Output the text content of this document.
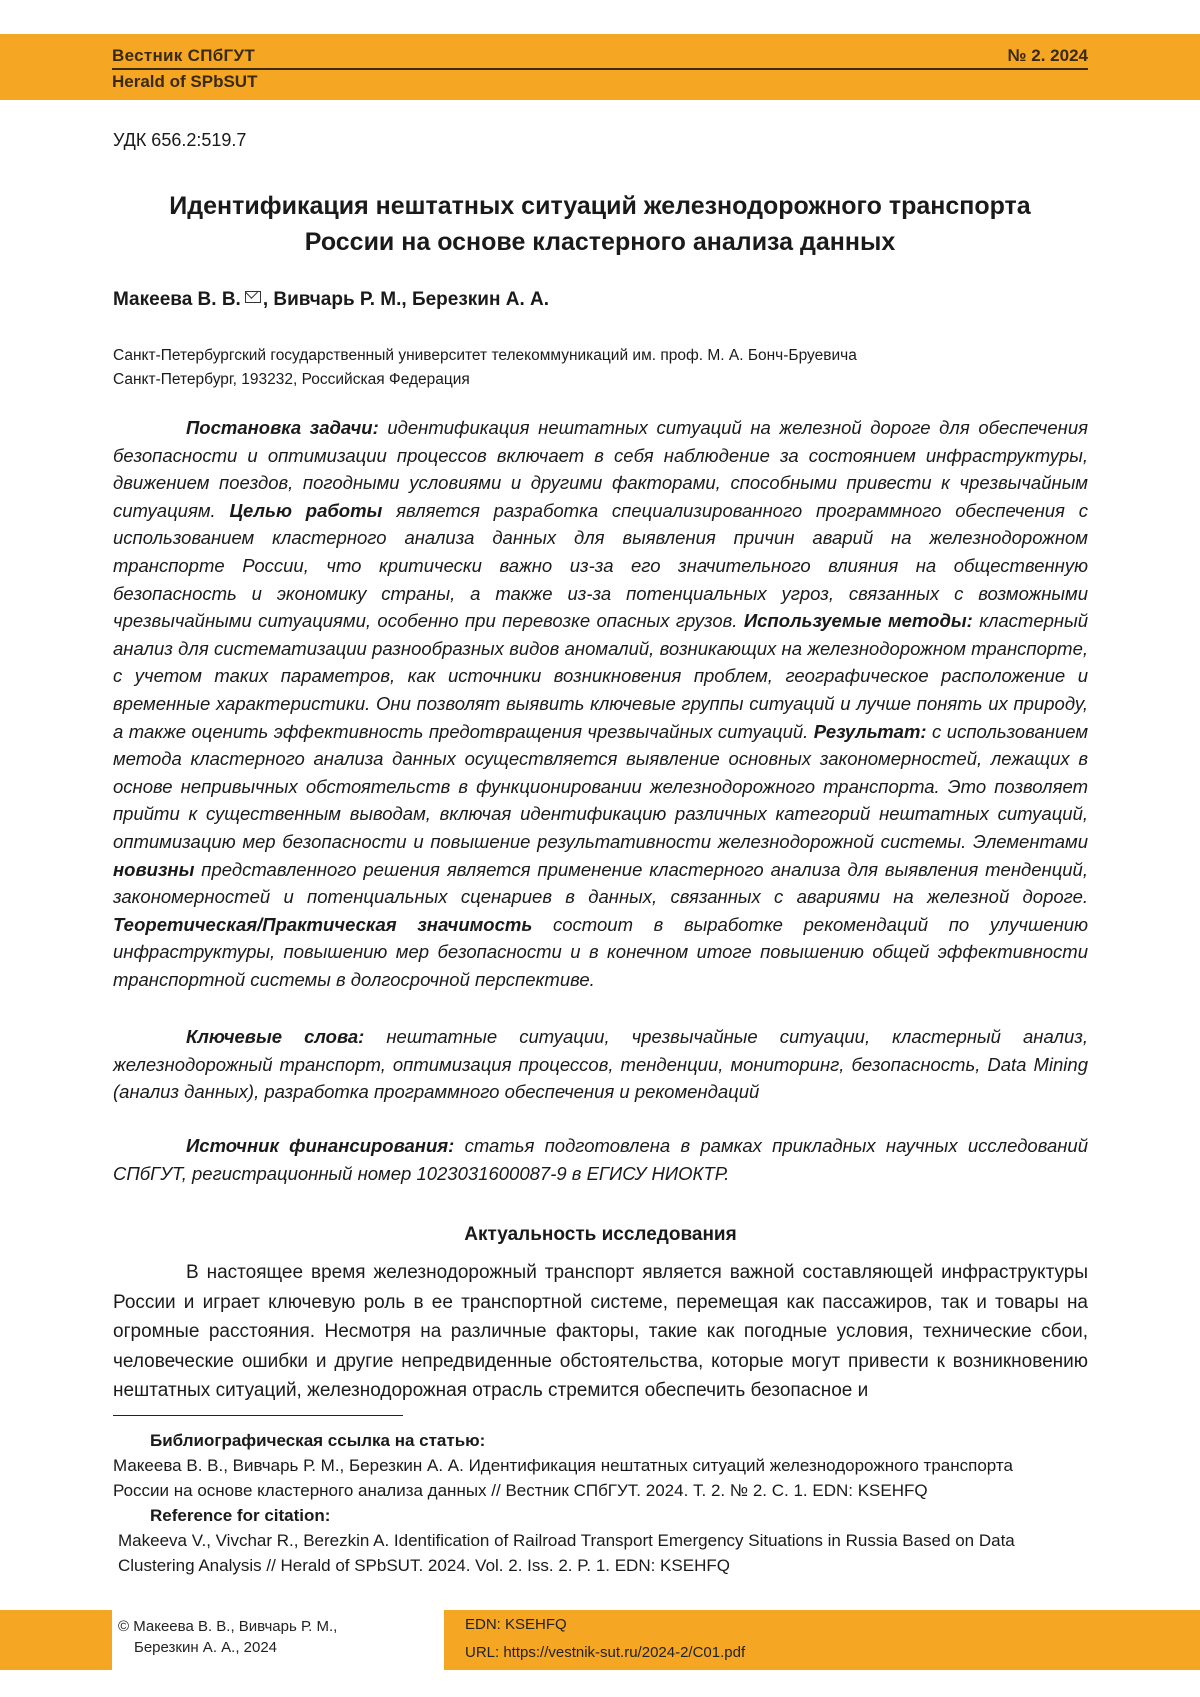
Вестник СПбГУТ
Herald of SPbSUT
№ 2. 2024
УДК 656.2:519.7
Идентификация нештатных ситуаций железнодорожного транспорта
России на основе кластерного анализа данных
Макеева В. В. , Вивчарь Р. М., Березкин А. А.
Санкт-Петербургский государственный университет телекоммуникаций им. проф. М. А. Бонч-Бруевича
Санкт-Петербург, 193232, Российская Федерация
Постановка задачи: идентификация нештатных ситуаций на железной дороге для обеспечения безопасности и оптимизации процессов включает в себя наблюдение за состоянием инфраструктуры, движением поездов, погодными условиями и другими факторами, способными привести к чрезвычайным ситуациям. Целью работы является разработка специализированного программного обеспечения с использованием кластерного анализа данных для выявления причин аварий на железнодорожном транспорте России, что критически важно из-за его значительного влияния на общественную безопасность и экономику страны, а также из-за потенциальных угроз, связанных с возможными чрезвычайными ситуациями, особенно при перевозке опасных грузов. Используемые методы: кластерный анализ для систематизации разнообразных видов аномалий, возникающих на железнодорожном транспорте, с учетом таких параметров, как источники возникновения проблем, географическое расположение и временные характеристики. Они позволят выявить ключевые группы ситуаций и лучше понять их природу, а также оценить эффективность предотвращения чрезвычайных ситуаций. Результат: с использованием метода кластерного анализа данных осуществляется выявление основных закономерностей, лежащих в основе непривычных обстоятельств в функционировании железнодорожного транспорта. Это позволяет прийти к существенным выводам, включая идентификацию различных категорий нештатных ситуаций, оптимизацию мер безопасности и повышение результативности железнодорожной системы. Элементами новизны представленного решения является применение кластерного анализа для выявления тенденций, закономерностей и потенциальных сценариев в данных, связанных с авариями на железной дороге. Теоретическая/Практическая значимость состоит в выработке рекомендаций по улучшению инфраструктуры, повышению мер безопасности и в конечном итоге повышению общей эффективности транспортной системы в долгосрочной перспективе.
Ключевые слова: нештатные ситуации, чрезвычайные ситуации, кластерный анализ, железнодорожный транспорт, оптимизация процессов, тенденции, мониторинг, безопасность, Data Mining (анализ данных), разработка программного обеспечения и рекомендаций
Источник финансирования: статья подготовлена в рамках прикладных научных исследований СПбГУТ, регистрационный номер 1023031600087-9 в ЕГИСУ НИОКТР.
Актуальность исследования
В настоящее время железнодорожный транспорт является важной составляющей инфраструктуры России и играет ключевую роль в ее транспортной системе, перемещая как пассажиров, так и товары на огромные расстояния. Несмотря на различные факторы, такие как погодные условия, технические сбои, человеческие ошибки и другие непредвиденные обстоятельства, которые могут привести к возникновению нештатных ситуаций, железнодорожная отрасль стремится обеспечить безопасное и
Библиографическая ссылка на статью:
Макеева В. В., Вивчарь Р. М., Березкин А. А. Идентификация нештатных ситуаций железнодорожного транспорта
России на основе кластерного анализа данных // Вестник СПбГУТ. 2024. Т. 2. № 2. С. 1. EDN: KSEHFQ
Reference for citation:
Makeeva V., Vivchar R., Berezkin A. Identification of Railroad Transport Emergency Situations in Russia Based on Data
Clustering Analysis // Herald of SPbSUT. 2024. Vol. 2. Iss. 2. P. 1. EDN: KSEHFQ
© Макеева В. В., Вивчарь Р. М.,
Березкин А. А., 2024
EDN: KSEHFQ
URL: https://vestnik-sut.ru/2024-2/C01.pdf
